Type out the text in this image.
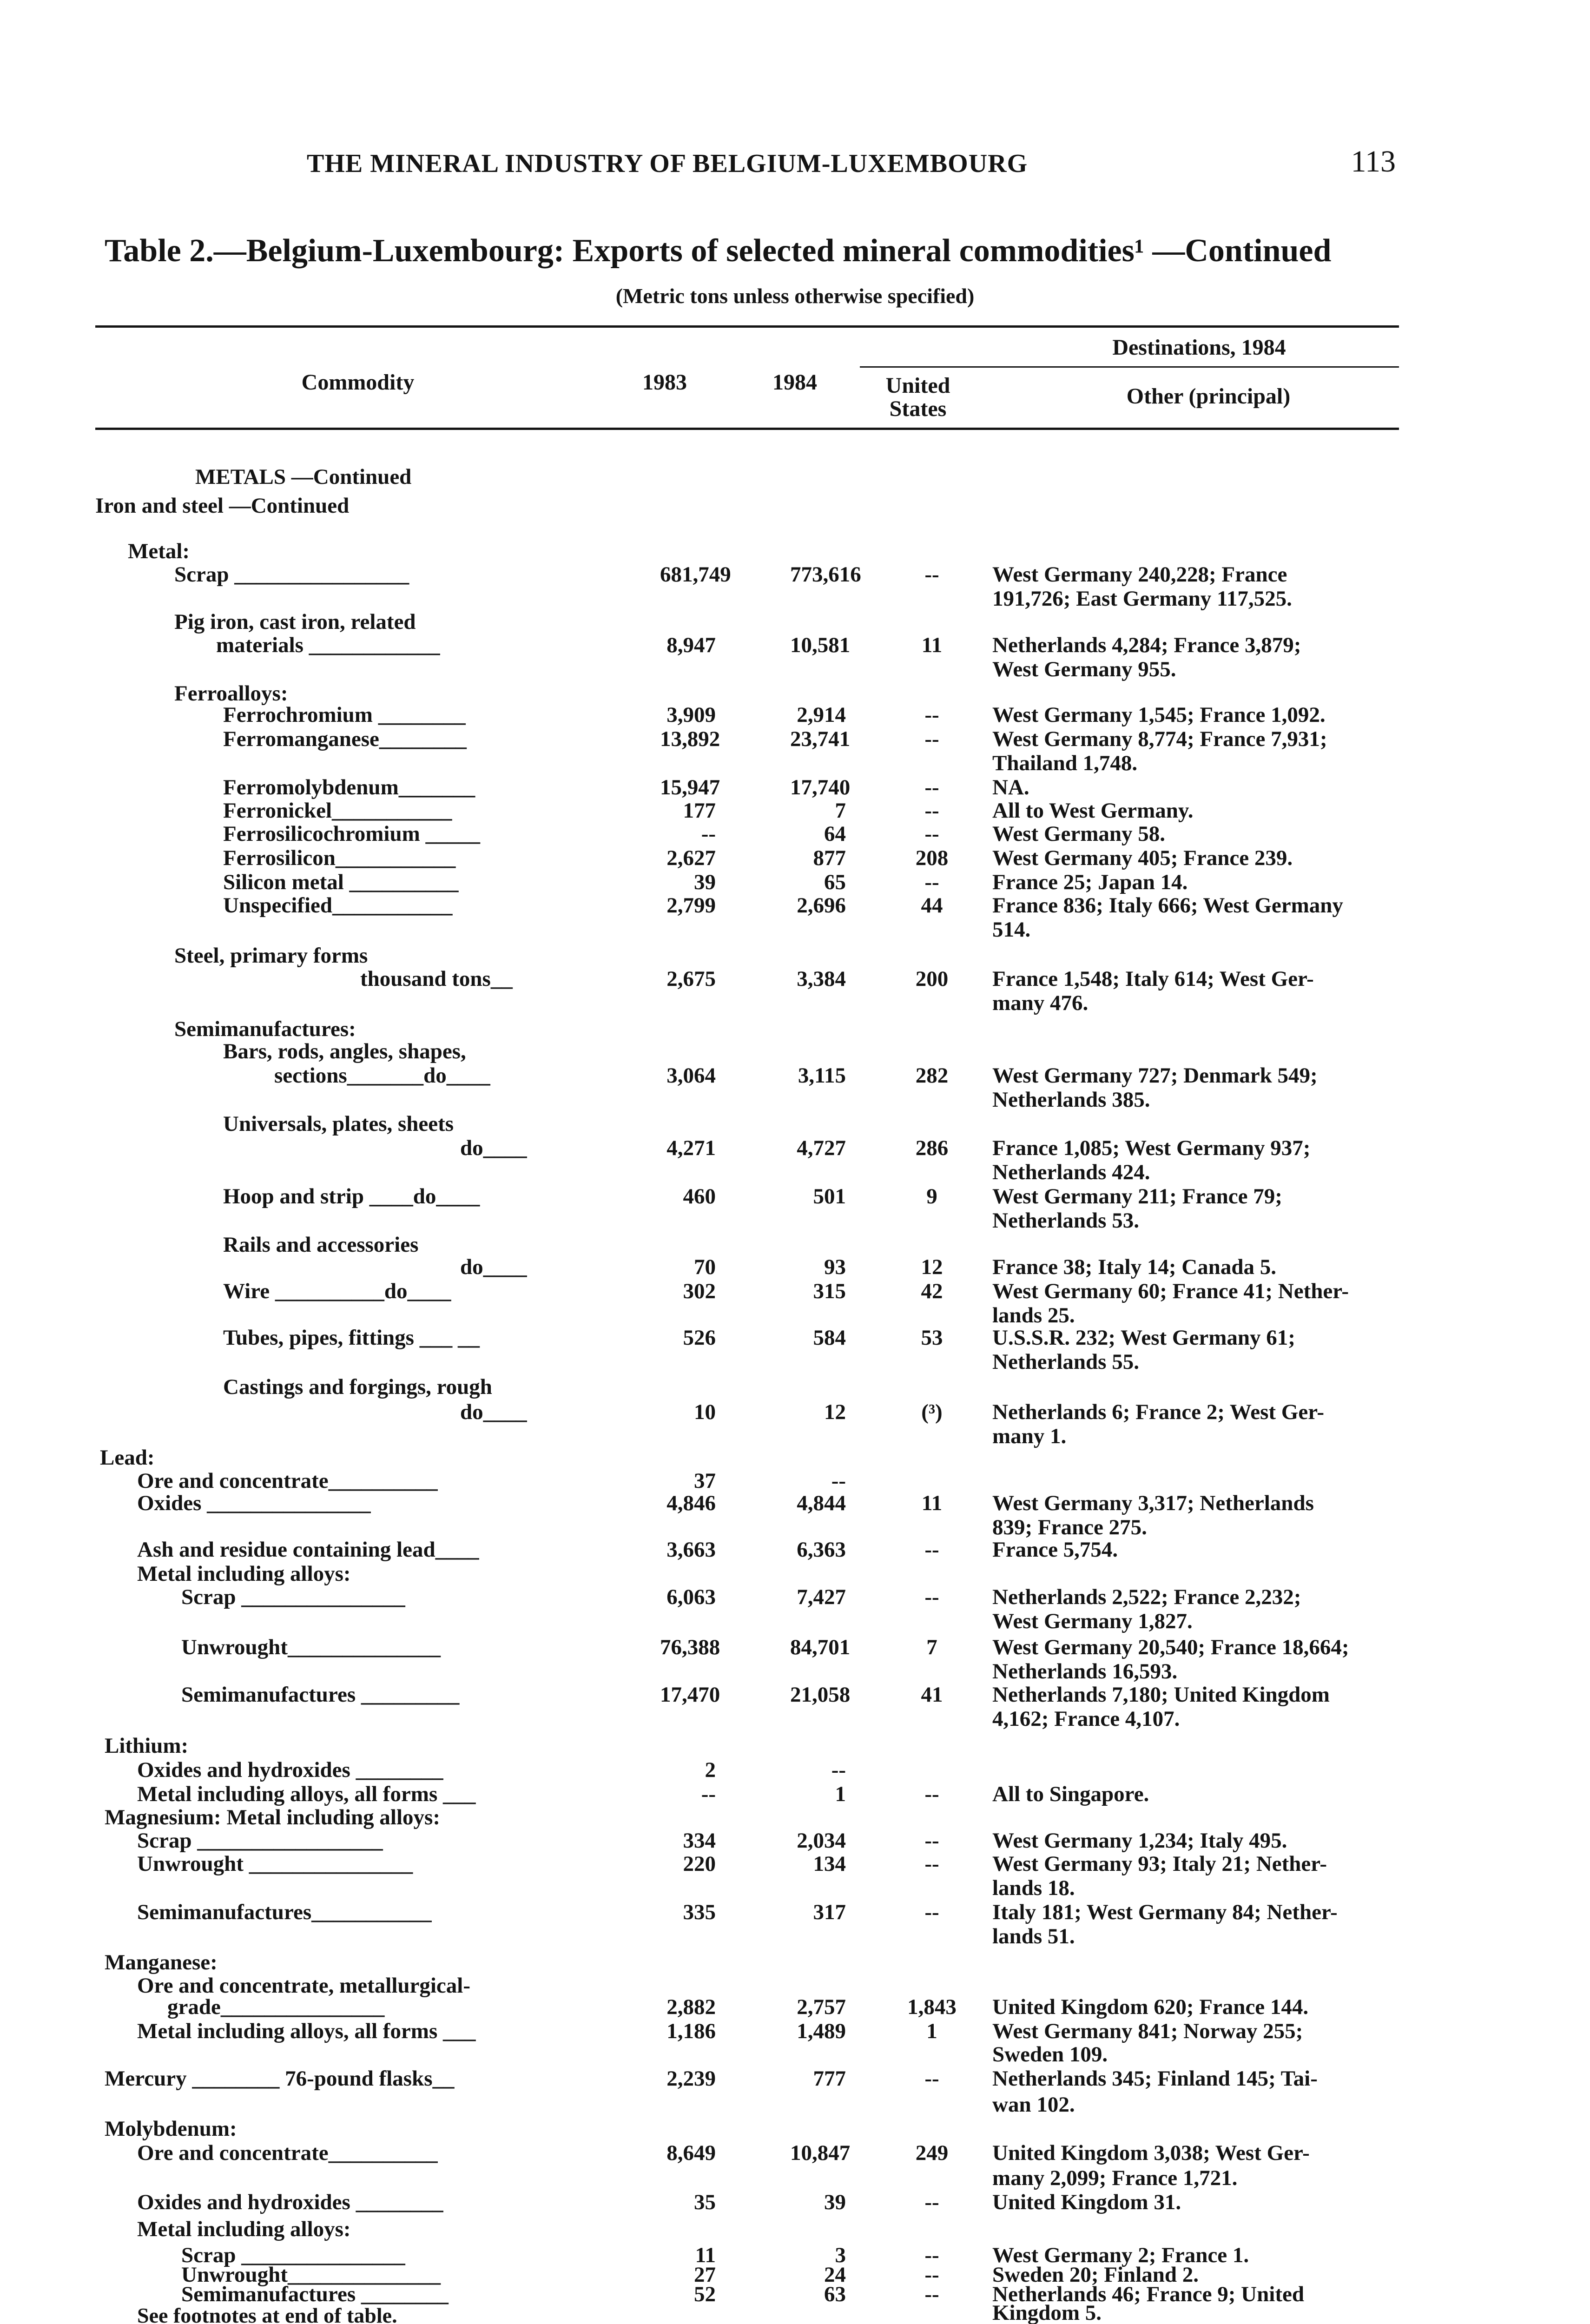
THE MINERAL INDUSTRY OF BELGIUM-LUXEMBOURG	113
Table 2.—Belgium-Luxembourg: Exports of selected mineral commodities¹ —Continued
(Metric tons unless otherwise specified)
Commodity	1983	1984
Destinations, 1984
United States
Other (principal)
METALS —Continued
Iron and steel —Continued
Metal:
Scrap ________________	681,749	773,616	--	West Germany 240,228; France
191,726; East Germany 117,525.
Pig iron, cast iron, related
materials ____________	8,947	10,581	11	Netherlands 4,284; France 3,879;
West Germany 955.
Ferroalloys:
Ferrochromium ________	3,909	2,914	--	West Germany 1,545; France 1,092.
Ferromanganese________	13,892	23,741	--	West Germany 8,774; France 7,931;
Thailand 1,748.
Ferromolybdenum_______	15,947	17,740	--	NA.
Ferronickel___________	177	7	--	All to West Germany.
Ferrosilicochromium _____	--	64	--	West Germany 58.
Ferrosilicon___________	2,627	877	208	West Germany 405; France 239.
Silicon metal __________	39	65	--	France 25; Japan 14.
Unspecified___________	2,799	2,696	44	France 836; Italy 666; West Germany
514.
Steel, primary forms
thousand tons__	2,675	3,384	200	France 1,548; Italy 614; West Ger-
many 476.
Semimanufactures:
Bars, rods, angles, shapes,
sections_______do____	3,064	3,115	282	West Germany 727; Denmark 549;
Netherlands 385.
Universals, plates, sheets
do____	4,271	4,727	286	France 1,085; West Germany 937;
Netherlands 424.
Hoop and strip ____do____	460	501	9	West Germany 211; France 79;
Netherlands 53.
Rails and accessories
do____	70	93	12	France 38; Italy 14; Canada 5.
Wire __________do____	302	315	42	West Germany 60; France 41; Nether-
lands 25.
Tubes, pipes, fittings ___ __	526	584	53	U.S.S.R. 232; West Germany 61;
Netherlands 55.
Castings and forgings, rough
do____	10	12	(³)	Netherlands 6; France 2; West Ger-
many 1.
Lead:
Ore and concentrate__________	37	--
Oxides _______________	4,846	4,844	11	West Germany 3,317; Netherlands
839; France 275.
Ash and residue containing lead____	3,663	6,363	--	France 5,754.
Metal including alloys:
Scrap _______________	6,063	7,427	--	Netherlands 2,522; France 2,232;
West Germany 1,827.
Unwrought______________	76,388	84,701	7	West Germany 20,540; France 18,664;
Netherlands 16,593.
Semimanufactures _________	17,470	21,058	41	Netherlands 7,180; United Kingdom
4,162; France 4,107.
Lithium:
Oxides and hydroxides ________	2	--
Metal including alloys, all forms ___	--	1	--	All to Singapore.
Magnesium: Metal including alloys:
Scrap _________________	334	2,034	--	West Germany 1,234; Italy 495.
Unwrought _______________	220	134	--	West Germany 93; Italy 21; Nether-
lands 18.
Semimanufactures___________	335	317	--	Italy 181; West Germany 84; Nether-
lands 51.
Manganese:
Ore and concentrate, metallurgical-
grade_______________	2,882	2,757	1,843	United Kingdom 620; France 144.
Metal including alloys, all forms ___	1,186	1,489	1	West Germany 841; Norway 255;
Sweden 109.
Mercury ________ 76-pound flasks__	2,239	777	--	Netherlands 345; Finland 145; Tai-
wan 102.
Molybdenum:
Ore and concentrate__________	8,649	10,847	249	United Kingdom 3,038; West Ger-
many 2,099; France 1,721.
Oxides and hydroxides ________	35	39	--	United Kingdom 31.
Metal including alloys:
Scrap _______________	11	3	--	West Germany 2; France 1.
Unwrought______________	27	24	--	Sweden 20; Finland 2.
Semimanufactures ________	52	63	--	Netherlands 46; France 9; United
Kingdom 5.
See footnotes at end of table.
